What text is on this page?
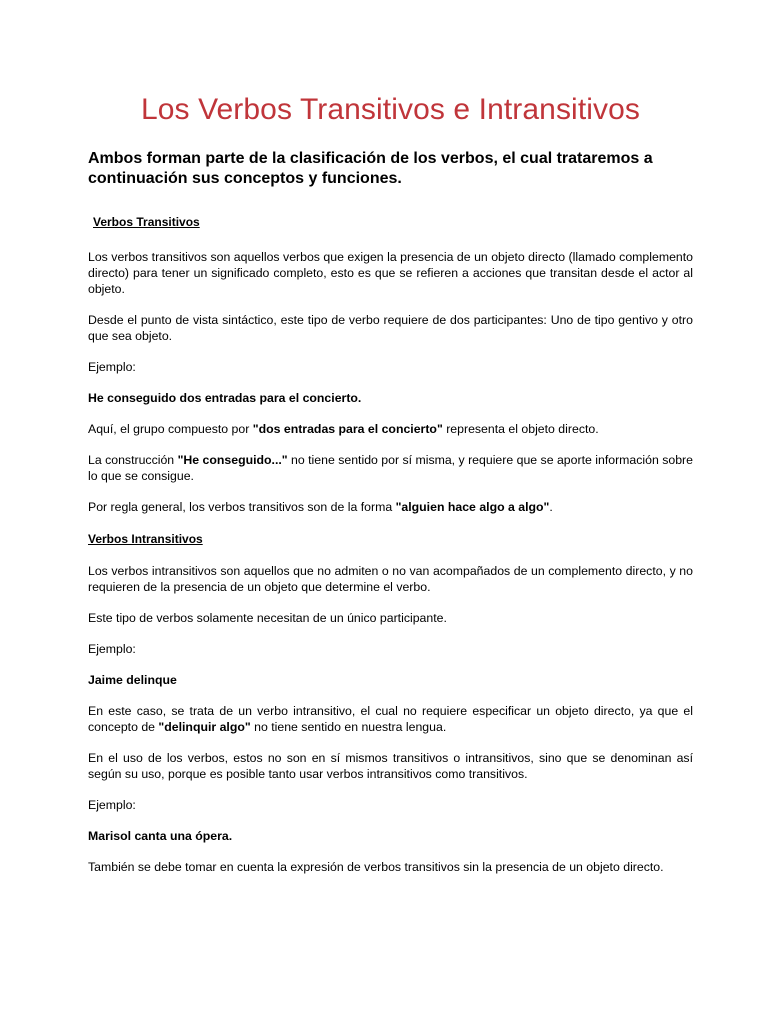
Los Verbos Transitivos e Intransitivos

Ambos forman parte de la clasificación de los verbos, el cual trataremos a continuación sus conceptos y funciones.

Verbos Transitivos

Los verbos transitivos son aquellos verbos que exigen la presencia de un objeto directo (llamado complemento directo) para tener un significado completo, esto es que se refieren a acciones que transitan desde el actor al objeto.

Desde el punto de vista sintáctico, este tipo de verbo requiere de dos participantes: Uno de tipo gentivo y otro que sea objeto.

Ejemplo:

He conseguido dos entradas para el concierto.

Aquí, el grupo compuesto por "dos entradas para el concierto" representa el objeto directo.

La construcción "He conseguido..." no tiene sentido por sí misma, y requiere que se aporte información sobre lo que se consigue.

Por regla general, los verbos transitivos son de la forma "alguien hace algo a algo".

Verbos Intransitivos

Los verbos intransitivos son aquellos que no admiten o no van acompañados de un complemento directo, y no requieren de la presencia de un objeto que determine el verbo.

Este tipo de verbos solamente necesitan de un único participante.

Ejemplo:

Jaime delinque

En este caso, se trata de un verbo intransitivo, el cual no requiere especificar un objeto directo, ya que el concepto de "delinquir algo" no tiene sentido en nuestra lengua.

En el uso de los verbos, estos no son en sí mismos transitivos o intransitivos, sino que se denominan así según su uso, porque es posible tanto usar verbos intransitivos como transitivos.

Ejemplo:

Marisol canta una ópera.

También se debe tomar en cuenta la expresión de verbos transitivos sin la presencia de un objeto directo.
